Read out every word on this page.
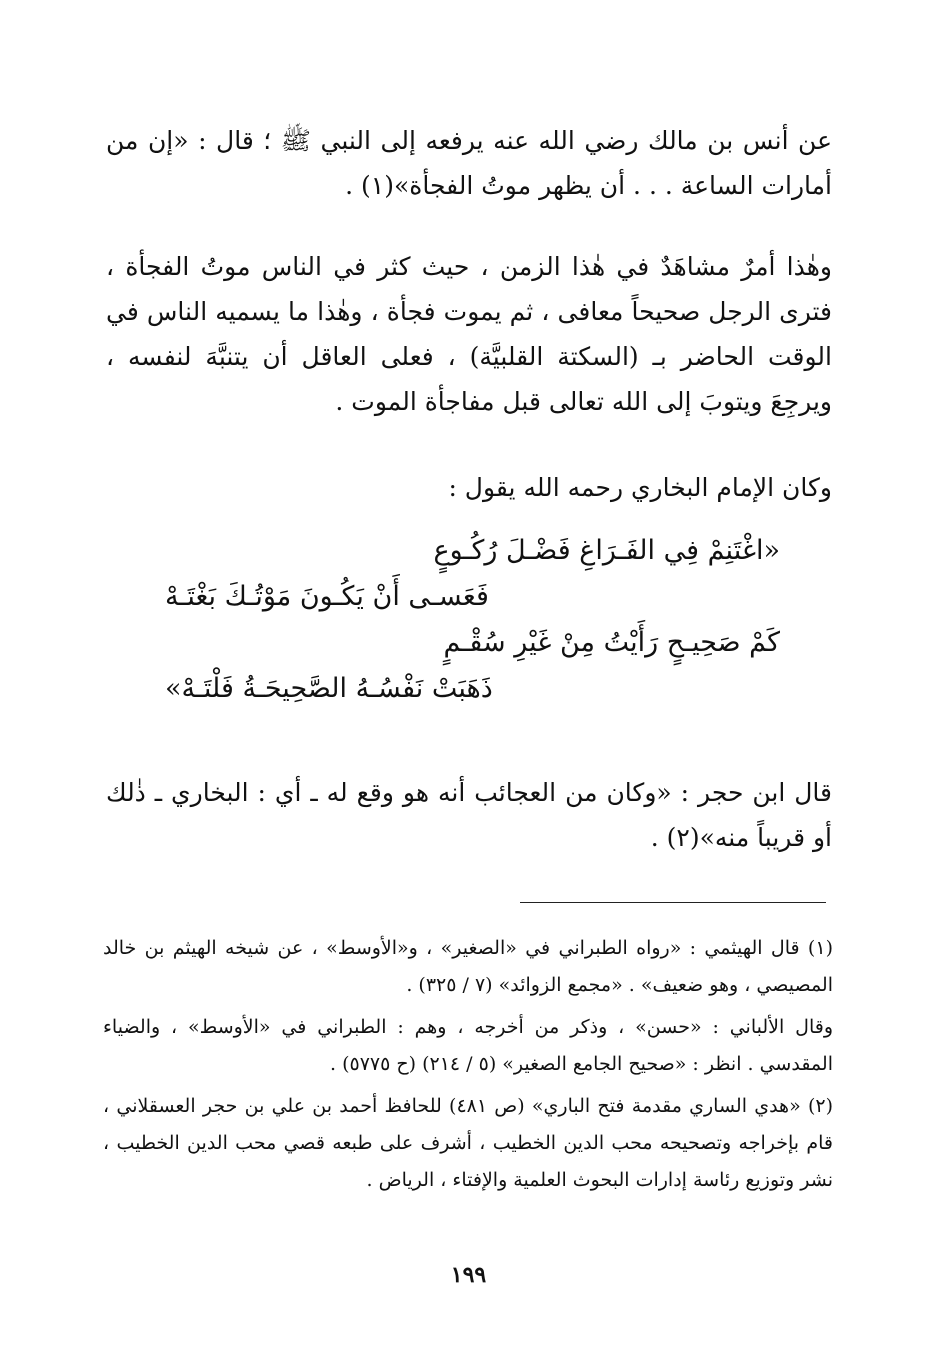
عن أنس بن مالك رضي الله عنه يرفعه إلى النبي ﷺ ؛ قال : «إن من أمارات الساعة . . . أن يظهر موتُ الفجأة»(١) .

وهٰذا أمرٌ مشاهَدٌ في هٰذا الزمن ، حيث كثر في الناس موتُ الفجأة ، فترى الرجل صحيحاً معافى ، ثم يموت فجأة ، وهٰذا ما يسميه الناس في الوقت الحاضر بـ (السكتة القلبيَّة) ، فعلى العاقل أن يتنبَّهَ لنفسه ، ويرجِعَ ويتوبَ إلى الله تعالى قبل مفاجأة الموت .

وكان الإمام البخاري رحمه الله يقول :

«اغْتَنِمْ فِي الفَـرَاغِ فَضْـلَ رُكُـوعٍ
فَعَسـى أَنْ يَكُـونَ مَوْتُـكَ بَغْتَـهْ
كَمْ صَحِيـحٍ رَأَيْتُ مِنْ غَيْرِ سُقْـمٍ
ذَهَبَتْ نَفْسُـهُ الصَّحِيحَـةُ فَلْتَـهْ»

قال ابن حجر : «وكان من العجائب أنه هو وقع له ـ أي : البخاري ـ ذٰلك أو قريباً منه»(٢) .

(١) قال الهيثمي : «رواه الطبراني في «الصغير» ، و«الأوسط» ، عن شيخه الهيثم بن خالد المصيصي ، وهو ضعيف» . «مجمع الزوائد» (٧ / ٣٢٥) .

وقال الألباني : «حسن» ، وذكر من أخرجه ، وهم : الطبراني في «الأوسط» ، والضياء المقدسي . انظر : «صحيح الجامع الصغير» (٥ / ٢١٤) (ح ٥٧٧٥) .

(٢) «هدي الساري مقدمة فتح الباري» (ص ٤٨١) للحافظ أحمد بن علي بن حجر العسقلاني ، قام بإخراجه وتصحيحه محب الدين الخطيب ، أشرف على طبعه قصي محب الدين الخطيب ، نشر وتوزيع رئاسة إدارات البحوث العلمية والإفتاء ، الرياض .

١٩٩
